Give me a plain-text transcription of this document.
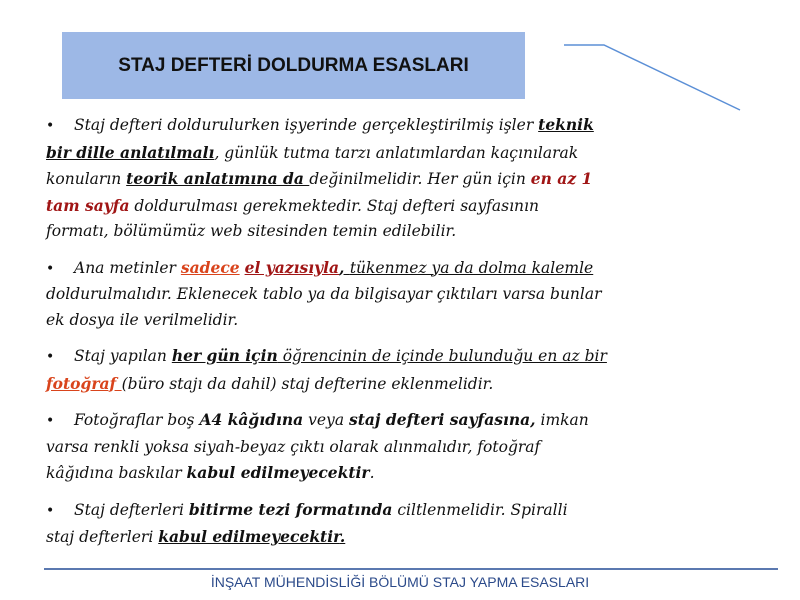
STAJ DEFTERİ DOLDURMA ESASLARI
• Staj defteri doldurulurken işyerinde gerçekleştirilmiş işler teknik
bir dille anlatılmalı, günlük tutma tarzı anlatımlardan kaçınılarak
konuların teorik anlatımına da değinilmelidir. Her gün için en az 1
tam sayfa doldurulması gerekmektedir. Staj defteri sayfasının
formatı, bölümümüz web sitesinden temin edilebilir.
• Ana metinler sadece el yazısıyla, tükenmez ya da dolma kalemle
doldurulmalıdır. Eklenecek tablo ya da bilgisayar çıktıları varsa bunlar
ek dosya ile verilmelidir.
• Staj yapılan her gün için öğrencinin de içinde bulunduğu en az bir
fotoğraf (büro stajı da dahil) staj defterine eklenmelidir.
• Fotoğraflar boş A4 kâğıdına veya staj defteri sayfasına, imkan
varsa renkli yoksa siyah-beyaz çıktı olarak alınmalıdır, fotoğraf
kâğıdına baskılar kabul edilmeyecektir.
• Staj defterleri bitirme tezi formatında ciltlenmelidir. Spiralli
staj defterleri kabul edilmeyecektir.
İNŞAAT MÜHENDİSLİĞİ BÖLÜMÜ STAJ YAPMA ESASLARI
